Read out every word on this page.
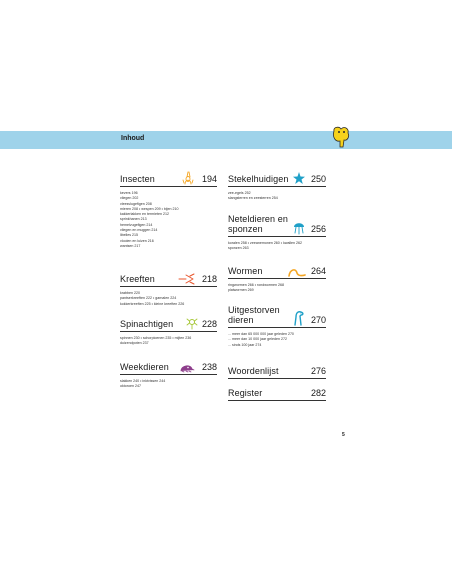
Inhoud
Insecten	194
kevers 196
vliegen 202
vleesvlugefigen 208
mieren 208 • wespen 209 • bijen 210
kakkerlakken en termieten 212
sprinkhanen 213
hemelvugefigen 214
vliegen en muggen 214
libelles 215
vlooien en luizen 216
wantsen 217
Kreeften	218
krabben 220
pantserkreeften 222 • garnalen 224
kokkerkreeften 225 • kleine kreeften 226
Spinachtigen	228
spinnen 230 • schorpioenen 235 • mijten 236
duizendpoten 237
Weekdieren	238
slakken 240 • inktvissen 244
oktoroen 247
Stekelhuidigen	250
zee-egels 252
slangsterren en zeesterren 254
Neteldieren en sponzen	256
koralen 258 • zeeanemonen 260 • kwallen 262
sponzen 263
Wormen	264
ringwormen 266 • rondwormen 268
platwormen 269
Uitgestorven dieren	270
... meer dan 65 000 000 jaar geleden 270
... meer dan 10 000 jaar geleden 272
... sinds 100 jaar 274
Woordenlijst	276
Register	282
5
